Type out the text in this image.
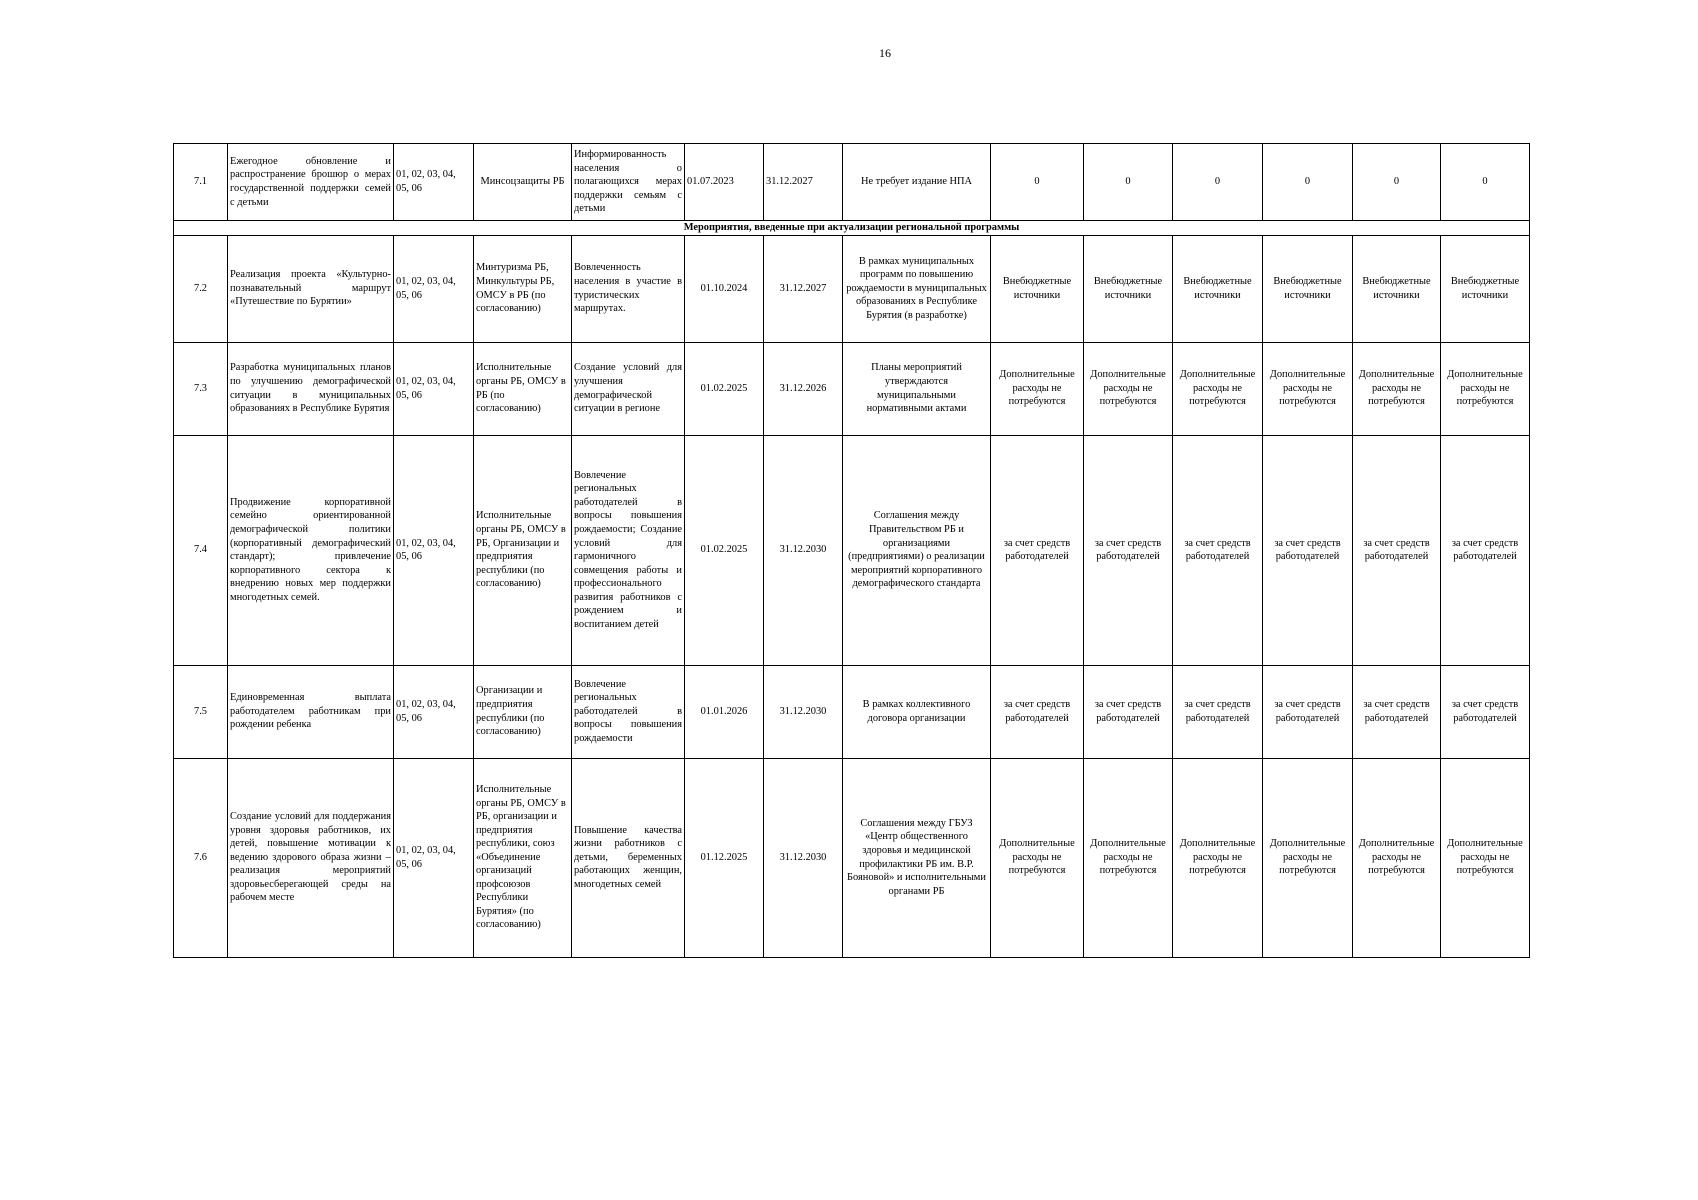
16
7.1	Ежегодное обновление и распространение брошюр о мерах государственной поддержки семей с детьми	01, 02, 03, 04, 05, 06	Минсоцзащиты РБ	Информированность населения о полагающихся мерах поддержки семьям с детьми	01.07.2023	31.12.2027	Не требует издание НПА	0	0	0	0	0	0
Мероприятия, введенные при актуализации региональной программы													
7.2	Реализация проекта «Культурно-познавательный маршрут «Путешествие по Бурятии»	01, 02, 03, 04, 05, 06	Минтуризма РБ, Минкультуры РБ, ОМСУ в РБ (по согласованию)	Вовлеченность населения в участие в туристических маршрутах.	01.10.2024	31.12.2027	В рамках муниципальных программ по повышению рождаемости в муниципальных образованиях в Республике Бурятия (в разработке)	Внебюджетные источники	Внебюджетные источники	Внебюджетные источники	Внебюджетные источники	Внебюджетные источники	Внебюджетные источники
7.3	Разработка муниципальных планов по улучшению демографической ситуации в муниципальных образованиях в Республике Бурятия	01, 02, 03, 04, 05, 06	Исполнительные органы РБ, ОМСУ в РБ (по согласованию)	Создание условий для улучшения демографической ситуации в регионе	01.02.2025	31.12.2026	Планы мероприятий утверждаются муниципальными нормативными актами	Дополнительные расходы не потребуются	Дополнительные расходы не потребуются	Дополнительные расходы не потребуются	Дополнительные расходы не потребуются	Дополнительные расходы не потребуются	Дополнительные расходы не потребуются
7.4	Продвижение корпоративной семейно ориентированной демографической политики (корпоративный демографический стандарт); привлечение корпоративного сектора к внедрению новых мер поддержки многодетных семей.	01, 02, 03, 04, 05, 06	Исполнительные органы РБ, ОМСУ в РБ, Организации и предприятия республики (по согласованию)	Вовлечение региональных работодателей в вопросы повышения рождаемости; Создание условий для гармоничного совмещения работы и профессионального развития работников с рождением и воспитанием детей	01.02.2025	31.12.2030	Соглашения между Правительством РБ и организациями (предприятиями) о реализации мероприятий корпоративного демографического стандарта	за счет средств работодателей	за счет средств работодателей	за счет средств работодателей	за счет средств работодателей	за счет средств работодателей	за счет средств работодателей
7.5	Единовременная выплата работодателем работникам при рождении ребенка	01, 02, 03, 04, 05, 06	Организации и предприятия республики (по согласованию)	Вовлечение региональных работодателей в вопросы повышения рождаемости	01.01.2026	31.12.2030	В рамках коллективного договора организации	за счет средств работодателей	за счет средств работодателей	за счет средств работодателей	за счет средств работодателей	за счет средств работодателей	за счет средств работодателей
7.6	Создание условий для поддержания уровня здоровья работников, их детей, повышение мотивации к ведению здорового образа жизни – реализация мероприятий здоровьесберегающей среды на рабочем месте	01, 02, 03, 04, 05, 06	Исполнительные органы РБ, ОМСУ в РБ, организации и предприятия республики, союз «Объединение организаций профсоюзов Республики Бурятия» (по согласованию)	Повышение качества жизни работников с детьми, беременных работающих женщин, многодетных семей	01.12.2025	31.12.2030	Соглашения между ГБУЗ «Центр общественного здоровья и медицинской профилактики РБ им. В.Р. Бояновой» и исполнительными органами РБ	Дополнительные расходы не потребуются	Дополнительные расходы не потребуются	Дополнительные расходы не потребуются	Дополнительные расходы не потребуются	Дополнительные расходы не потребуются	Дополнительные расходы не потребуются
